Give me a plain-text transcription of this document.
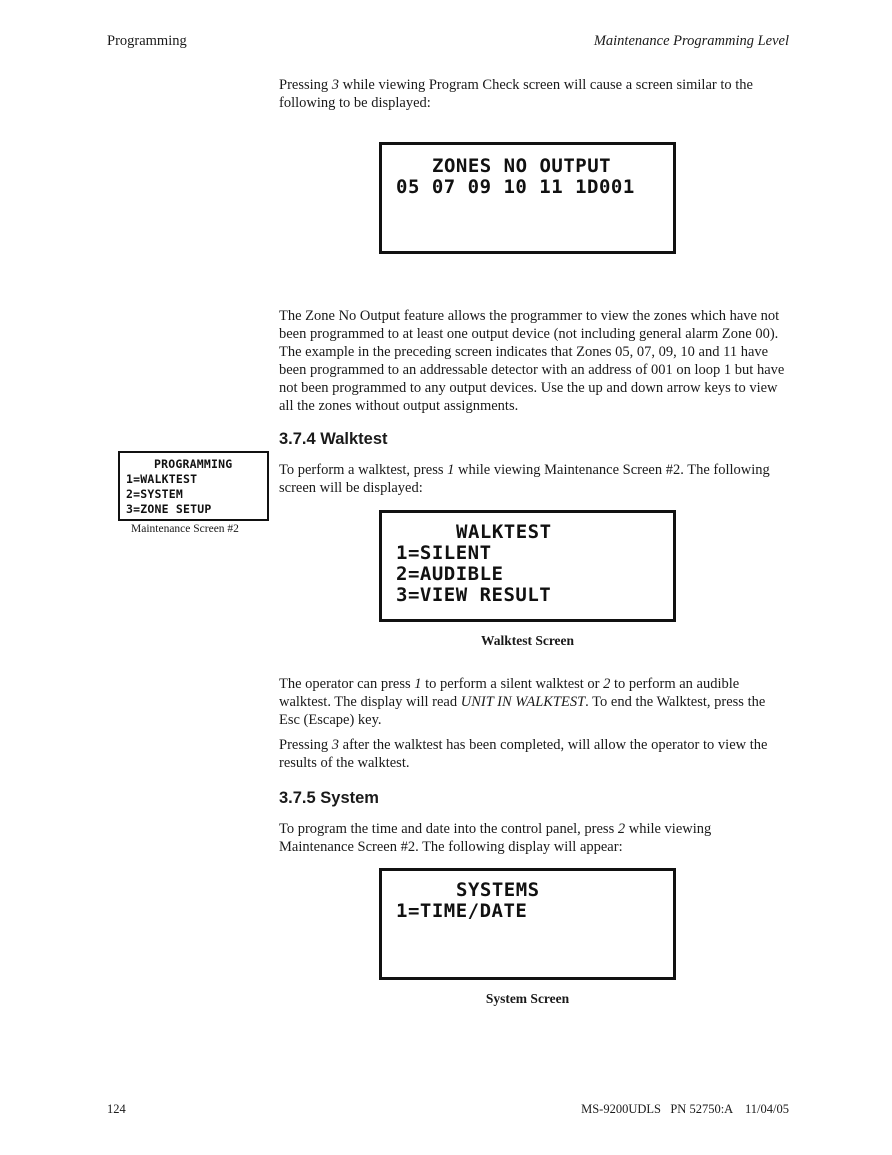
Programming	Maintenance Programming Level

Pressing 3 while viewing Program Check screen will cause a screen similar to the following to be displayed:

ZONES NO OUTPUT
05 07 09 10 11 1D001

The Zone No Output feature allows the programmer to view the zones which have not been programmed to at least one output device (not including general alarm Zone 00). The example in the preceding screen indicates that Zones 05, 07, 09, 10 and 11 have been programmed to an addressable detector with an address of 001 on loop 1 but have not been programmed to any output devices. Use the up and down arrow keys to view all the zones without output assignments.

3.7.4 Walktest
PROGRAMMING
1=WALKTEST
2=SYSTEM
3=ZONE SETUP
Maintenance Screen #2

To perform a walktest, press 1 while viewing Maintenance Screen #2. The following screen will be displayed:

WALKTEST
1=SILENT
2=AUDIBLE
3=VIEW RESULT
Walktest Screen

The operator can press 1 to perform a silent walktest or 2 to perform an audible walktest. The display will read UNIT IN WALKTEST. To end the Walktest, press the Esc (Escape) key.

Pressing 3 after the walktest has been completed, will allow the operator to view the results of the walktest.

3.7.5 System

To program the time and date into the control panel, press 2 while viewing Maintenance Screen #2. The following display will appear:

SYSTEMS
1=TIME/DATE
System Screen
124	MS-9200UDLS   PN 52750:A    11/04/05
